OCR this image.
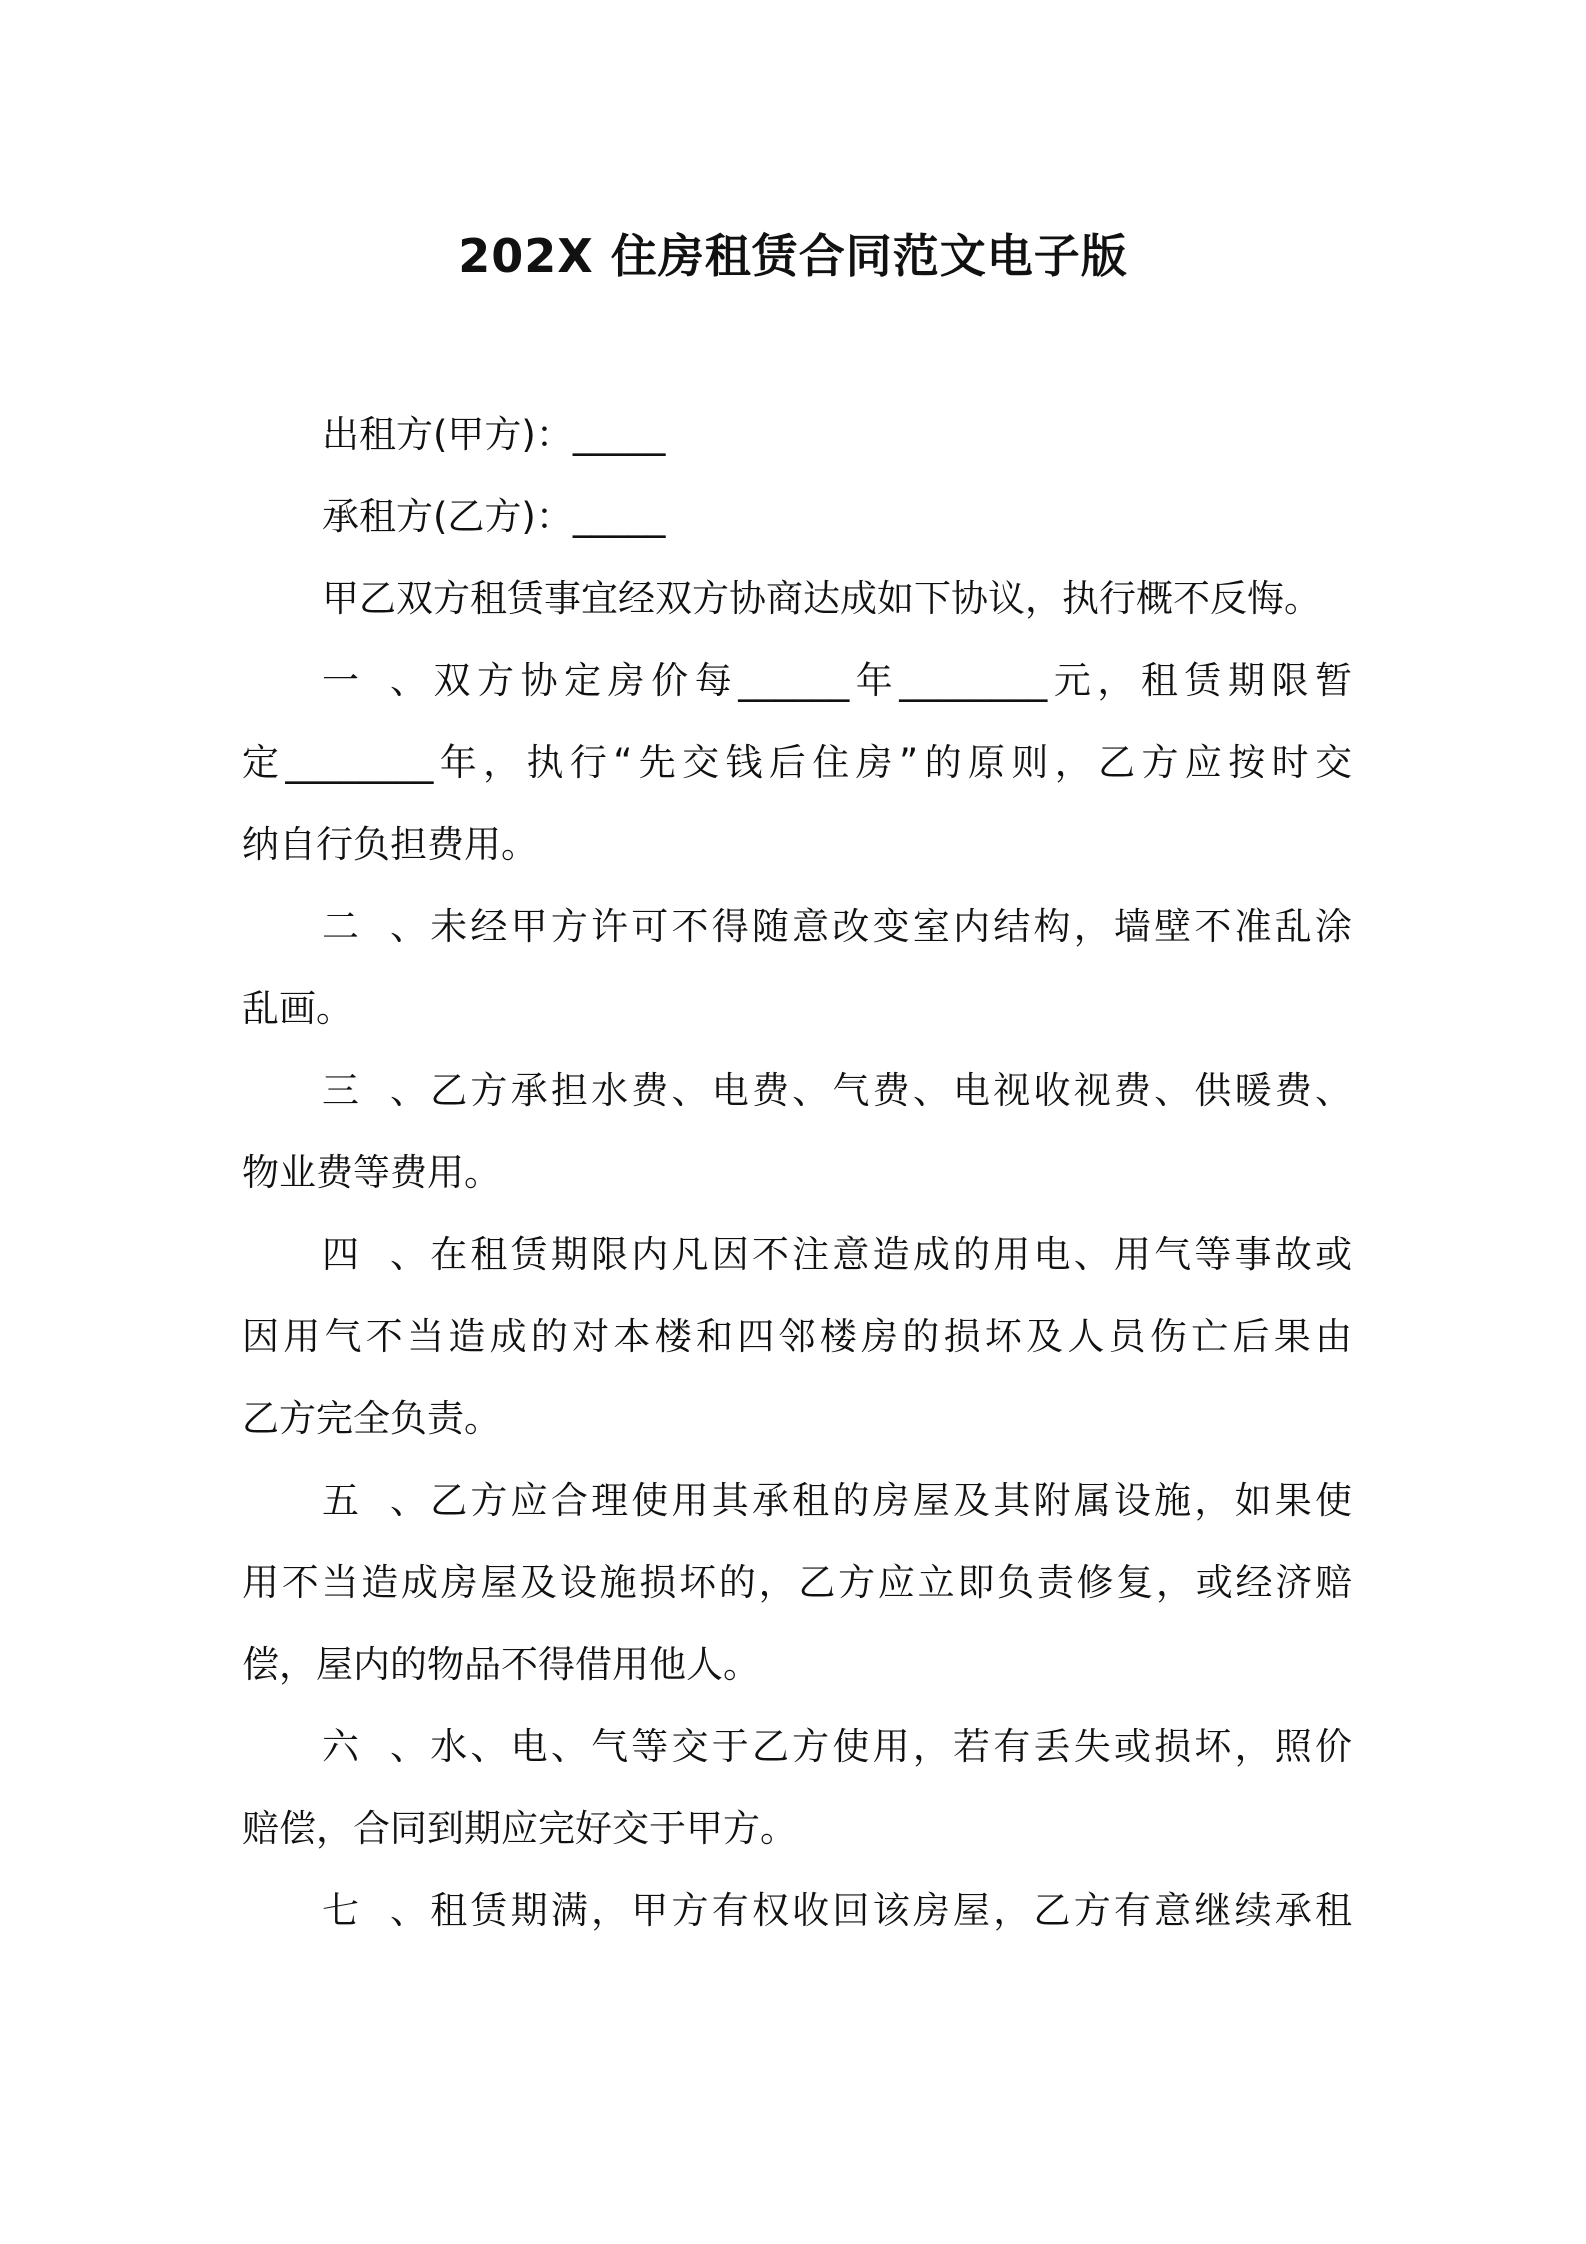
202X 住房租赁合同范文电子版
出租方(甲方)：_____
承租方(乙方)：_____
甲乙双方租赁事宜经双方协商达成如下协议，执行概不反悔。
一、双方协定房价每______年________元，租赁期限暂
定________年，执行“先交钱后住房”的原则，乙方应按时交
纳自行负担费用。
二、未经甲方许可不得随意改变室内结构，墙壁不准乱涂
乱画。
三、乙方承担水费、电费、气费、电视收视费、供暖费、
物业费等费用。
四、在租赁期限内凡因不注意造成的用电、用气等事故或
因用气不当造成的对本楼和四邻楼房的损坏及人员伤亡后果由
乙方完全负责。
五、乙方应合理使用其承租的房屋及其附属设施，如果使
用不当造成房屋及设施损坏的，乙方应立即负责修复，或经济赔
偿，屋内的物品不得借用他人。
六、水、电、气等交于乙方使用，若有丢失或损坏，照价
赔偿，合同到期应完好交于甲方。
七、租赁期满，甲方有权收回该房屋，乙方有意继续承租
